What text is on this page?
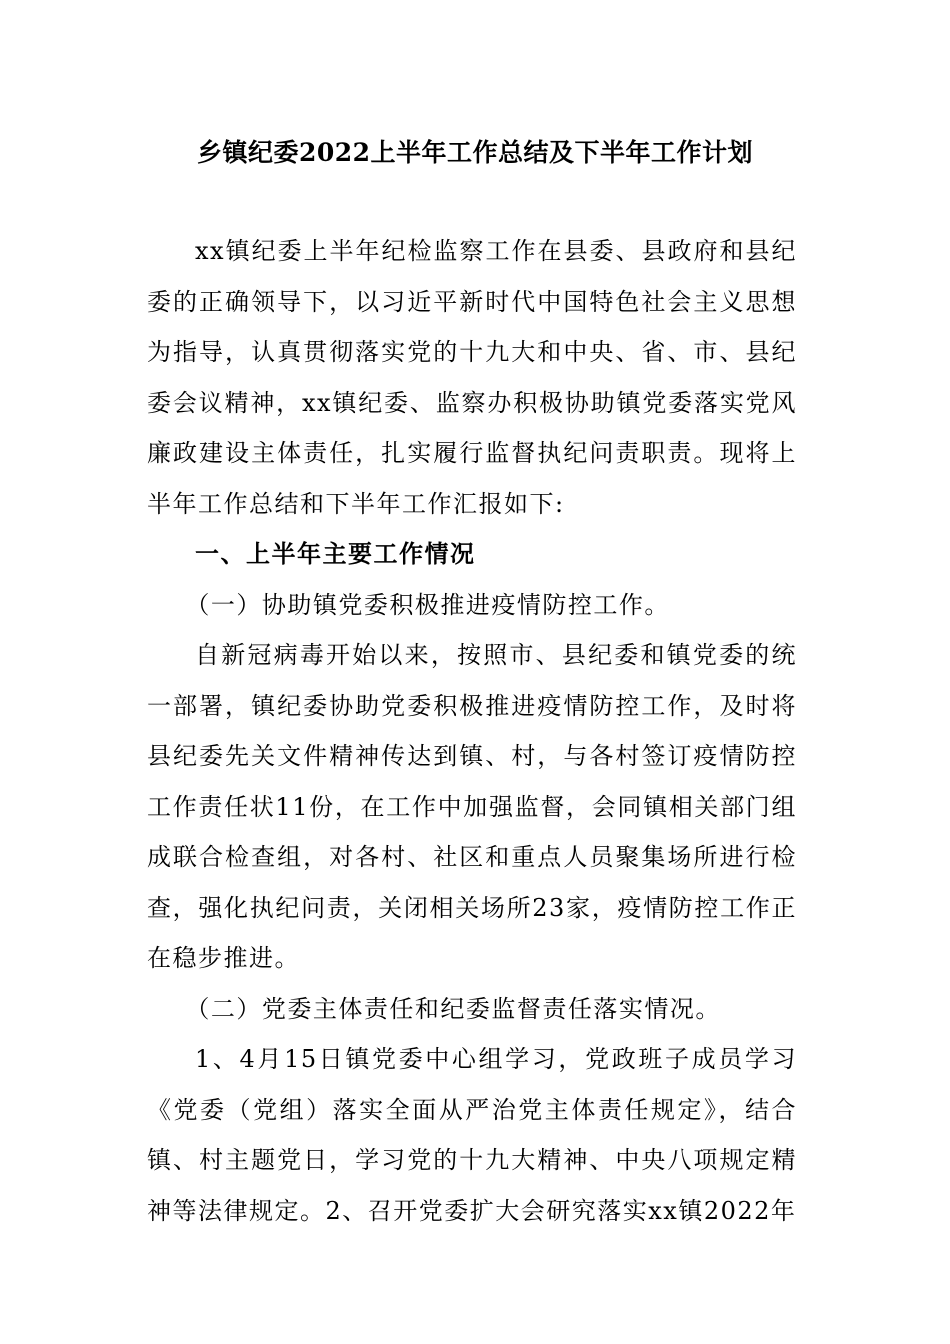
乡镇纪委2022上半年工作总结及下半年工作计划

xx镇纪委上半年纪检监察工作在县委、县政府和县纪委的正确领导下，以习近平新时代中国特色社会主义思想为指导，认真贯彻落实党的十九大和中央、省、市、县纪委会议精神，xx镇纪委、监察办积极协助镇党委落实党风廉政建设主体责任，扎实履行监督执纪问责职责。现将上半年工作总结和下半年工作汇报如下:

一、上半年主要工作情况

（一）协助镇党委积极推进疫情防控工作。

自新冠病毒开始以来，按照市、县纪委和镇党委的统一部署，镇纪委协助党委积极推进疫情防控工作，及时将县纪委先关文件精神传达到镇、村，与各村签订疫情防控工作责任状11份，在工作中加强监督，会同镇相关部门组成联合检查组，对各村、社区和重点人员聚集场所进行检查，强化执纪问责，关闭相关场所23家，疫情防控工作正在稳步推进。

（二）党委主体责任和纪委监督责任落实情况。

1、4月15日镇党委中心组学习，党政班子成员学习《党委（党组）落实全面从严治党主体责任规定》，结合镇、村主题党日，学习党的十九大精神、中央八项规定精神等法律规定。2、召开党委扩大会研究落实xx镇2022年
